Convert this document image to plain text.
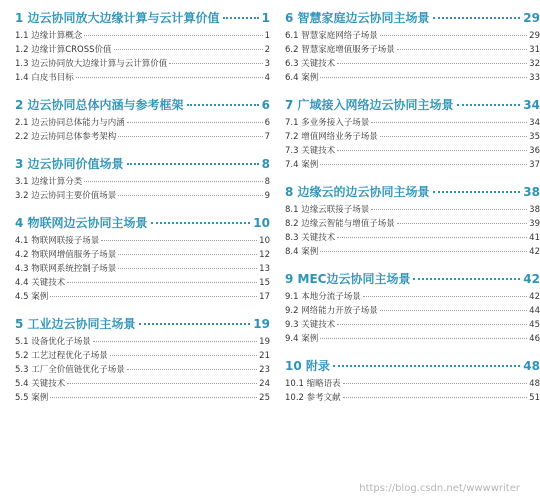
1 边云协同放大边缘计算与云计算价值	1
1.1 边缘计算概念	1
1.2 边缘计算CROSS价值	2
1.3 边云协同放大边缘计算与云计算价值	3
1.4 白皮书目标	4
2 边云协同总体内涵与参考框架	6
2.1 边云协同总体能力与内涵	6
2.2 边云协同总体参考架构	7
3 边云协同价值场景	8
3.1 边缘计算分类	8
3.2 边云协同主要价值场景	9
4 物联网边云协同主场景	10
4.1 物联网联接子场景	10
4.2 物联网增值服务子场景	12
4.3 物联网系统控制子场景	13
4.4 关键技术	15
4.5 案例	17
5 工业边云协同主场景	19
5.1 设备优化子场景	19
5.2 工艺过程优化子场景	21
5.3 工厂全价值链优化子场景	23
5.4 关键技术	24
5.5 案例	25
6 智慧家庭边云协同主场景	29
6.1 智慧家庭网络子场景	29
6.2 智慧家庭增值服务子场景	31
6.3 关键技术	32
6.4 案例	33
7 广域接入网络边云协同主场景	34
7.1 多业务接入子场景	34
7.2 增值网络业务子场景	35
7.3 关键技术	36
7.4 案例	37
8 边缘云的边云协同主场景	38
8.1 边缘云联接子场景	38
8.2 边缘云智能与增值子场景	39
8.3 关键技术	41
8.4 案例	42
9 MEC边云协同主场景	42
9.1 本地分流子场景	42
9.2 网络能力开放子场景	44
9.3 关键技术	45
9.4 案例	46
10 附录	48
10.1 缩略语表	48
10.2 参考文献	51
https://blog.csdn.net/wwwwriter
